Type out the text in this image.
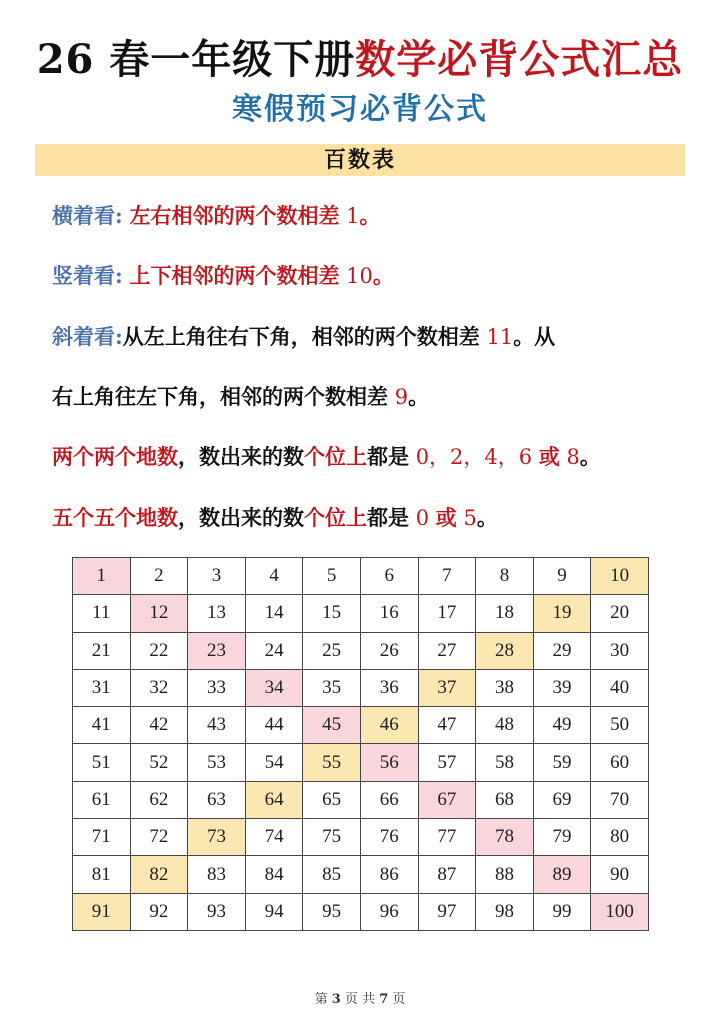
26 春一年级下册数学必背公式汇总
寒假预习必背公式
百数表
横着看: 左右相邻的两个数相差 1。
竖着看: 上下相邻的两个数相差 10。
斜着看:从左上角往右下角，相邻的两个数相差 11。从
右上角往左下角，相邻的两个数相差 9。
两个两个地数，数出来的数个位上都是 0，2，4，6 或 8。
五个五个地数，数出来的数个位上都是 0 或 5。
1	2	3	4	5	6	7	8	9	10
11	12	13	14	15	16	17	18	19	20
21	22	23	24	25	26	27	28	29	30
31	32	33	34	35	36	37	38	39	40
41	42	43	44	45	46	47	48	49	50
51	52	53	54	55	56	57	58	59	60
61	62	63	64	65	66	67	68	69	70
71	72	73	74	75	76	77	78	79	80
81	82	83	84	85	86	87	88	89	90
91	92	93	94	95	96	97	98	99	100
第 3 页 共 7 页
